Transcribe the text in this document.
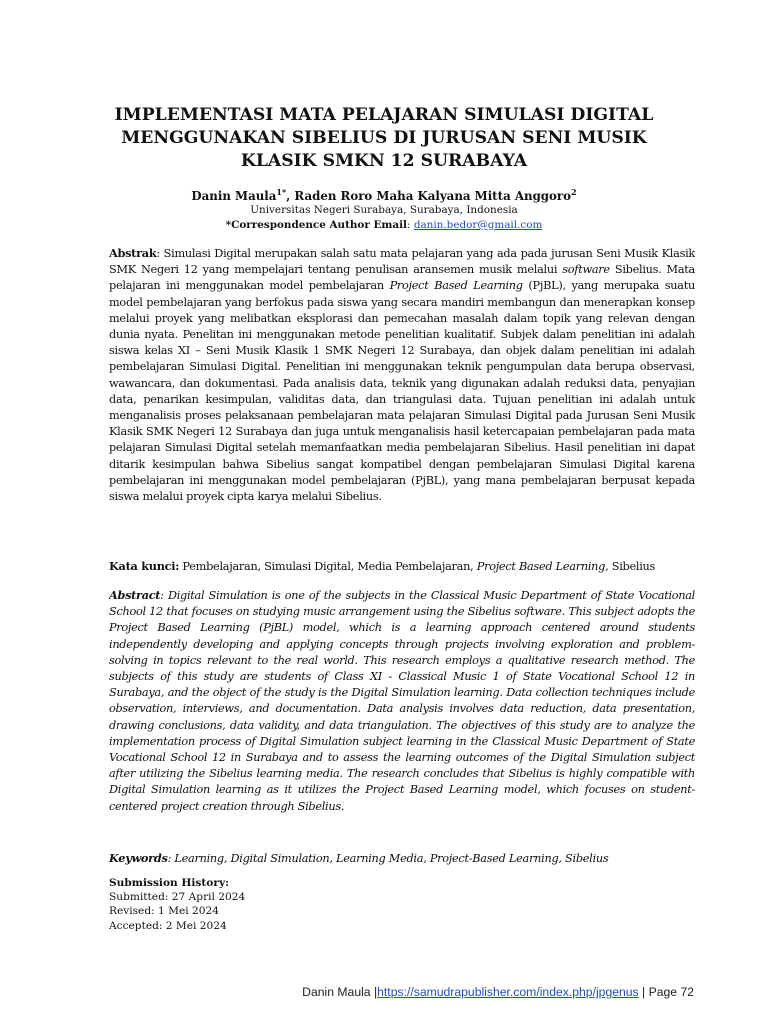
IMPLEMENTASI MATA PELAJARAN SIMULASI DIGITAL
MENGGUNAKAN SIBELIUS DI JURUSAN SENI MUSIK
KLASIK SMKN 12 SURABAYA
Danin Maula$^{1*}$, Raden Roro Maha Kalyana Mitta Anggoro$^2$
Universitas Negeri Surabaya, Surabaya, Indonesia
*Correspondence Author Email: danin.bedor@gmail.com
Abstrak: Simulasi Digital merupakan salah satu mata pelajaran yang ada pada jurusan Seni Musik Klasik SMK Negeri 12 yang mempelajari tentang penulisan aransemen musik melalui software Sibelius. Mata pelajaran ini menggunakan model pembelajaran Project Based Learning (PjBL), yang merupaka suatu model pembelajaran yang berfokus pada siswa yang secara mandiri membangun dan menerapkan konsep melalui proyek yang melibatkan eksplorasi dan pemecahan masalah dalam topik yang relevan dengan dunia nyata. Penelitan ini menggunakan metode penelitian kualitatif. Subjek dalam penelitian ini adalah siswa kelas XI – Seni Musik Klasik 1 SMK Negeri 12 Surabaya, dan objek dalam penelitian ini adalah pembelajaran Simulasi Digital. Penelitian ini menggunakan teknik pengumpulan data berupa observasi, wawancara, dan dokumentasi. Pada analisis data, teknik yang digunakan adalah reduksi data, penyajian data, penarikan kesimpulan, validitas data, dan triangulasi data. Tujuan penelitian ini adalah untuk menganalisis proses pelaksanaan pembelajaran mata pelajaran Simulasi Digital pada Jurusan Seni Musik Klasik SMK Negeri 12 Surabaya dan juga untuk menganalisis hasil ketercapaian pembelajaran pada mata pelajaran Simulasi Digital setelah memanfaatkan media pembelajaran Sibelius. Hasil penelitian ini dapat ditarik kesimpulan bahwa Sibelius sangat kompatibel dengan pembelajaran Simulasi Digital karena pembelajaran ini menggunakan model pembelajaran (PjBL), yang mana pembelajaran berpusat kepada siswa melalui proyek cipta karya melalui Sibelius.
Kata kunci: Pembelajaran, Simulasi Digital, Media Pembelajaran, Project Based Learning, Sibelius
Abstract: Digital Simulation is one of the subjects in the Classical Music Department of State Vocational School 12 that focuses on studying music arrangement using the Sibelius software. This subject adopts the Project Based Learning (PjBL) model, which is a learning approach centered around students independently developing and applying concepts through projects involving exploration and problem-solving in topics relevant to the real world. This research employs a qualitative research method. The subjects of this study are students of Class XI - Classical Music 1 of State Vocational School 12 in Surabaya, and the object of the study is the Digital Simulation learning. Data collection techniques include observation, interviews, and documentation. Data analysis involves data reduction, data presentation, drawing conclusions, data validity, and data triangulation. The objectives of this study are to analyze the implementation process of Digital Simulation subject learning in the Classical Music Department of State Vocational School 12 in Surabaya and to assess the learning outcomes of the Digital Simulation subject after utilizing the Sibelius learning media. The research concludes that Sibelius is highly compatible with Digital Simulation learning as it utilizes the Project Based Learning model, which focuses on student-centered project creation through Sibelius.
Keywords: Learning, Digital Simulation, Learning Media, Project-Based Learning, Sibelius
Submission History:
Submitted: 27 April 2024
Revised: 1 Mei 2024
Accepted: 2 Mei 2024
Danin Maula |https://samudrapublisher.com/index.php/jpgenus | Page 72
